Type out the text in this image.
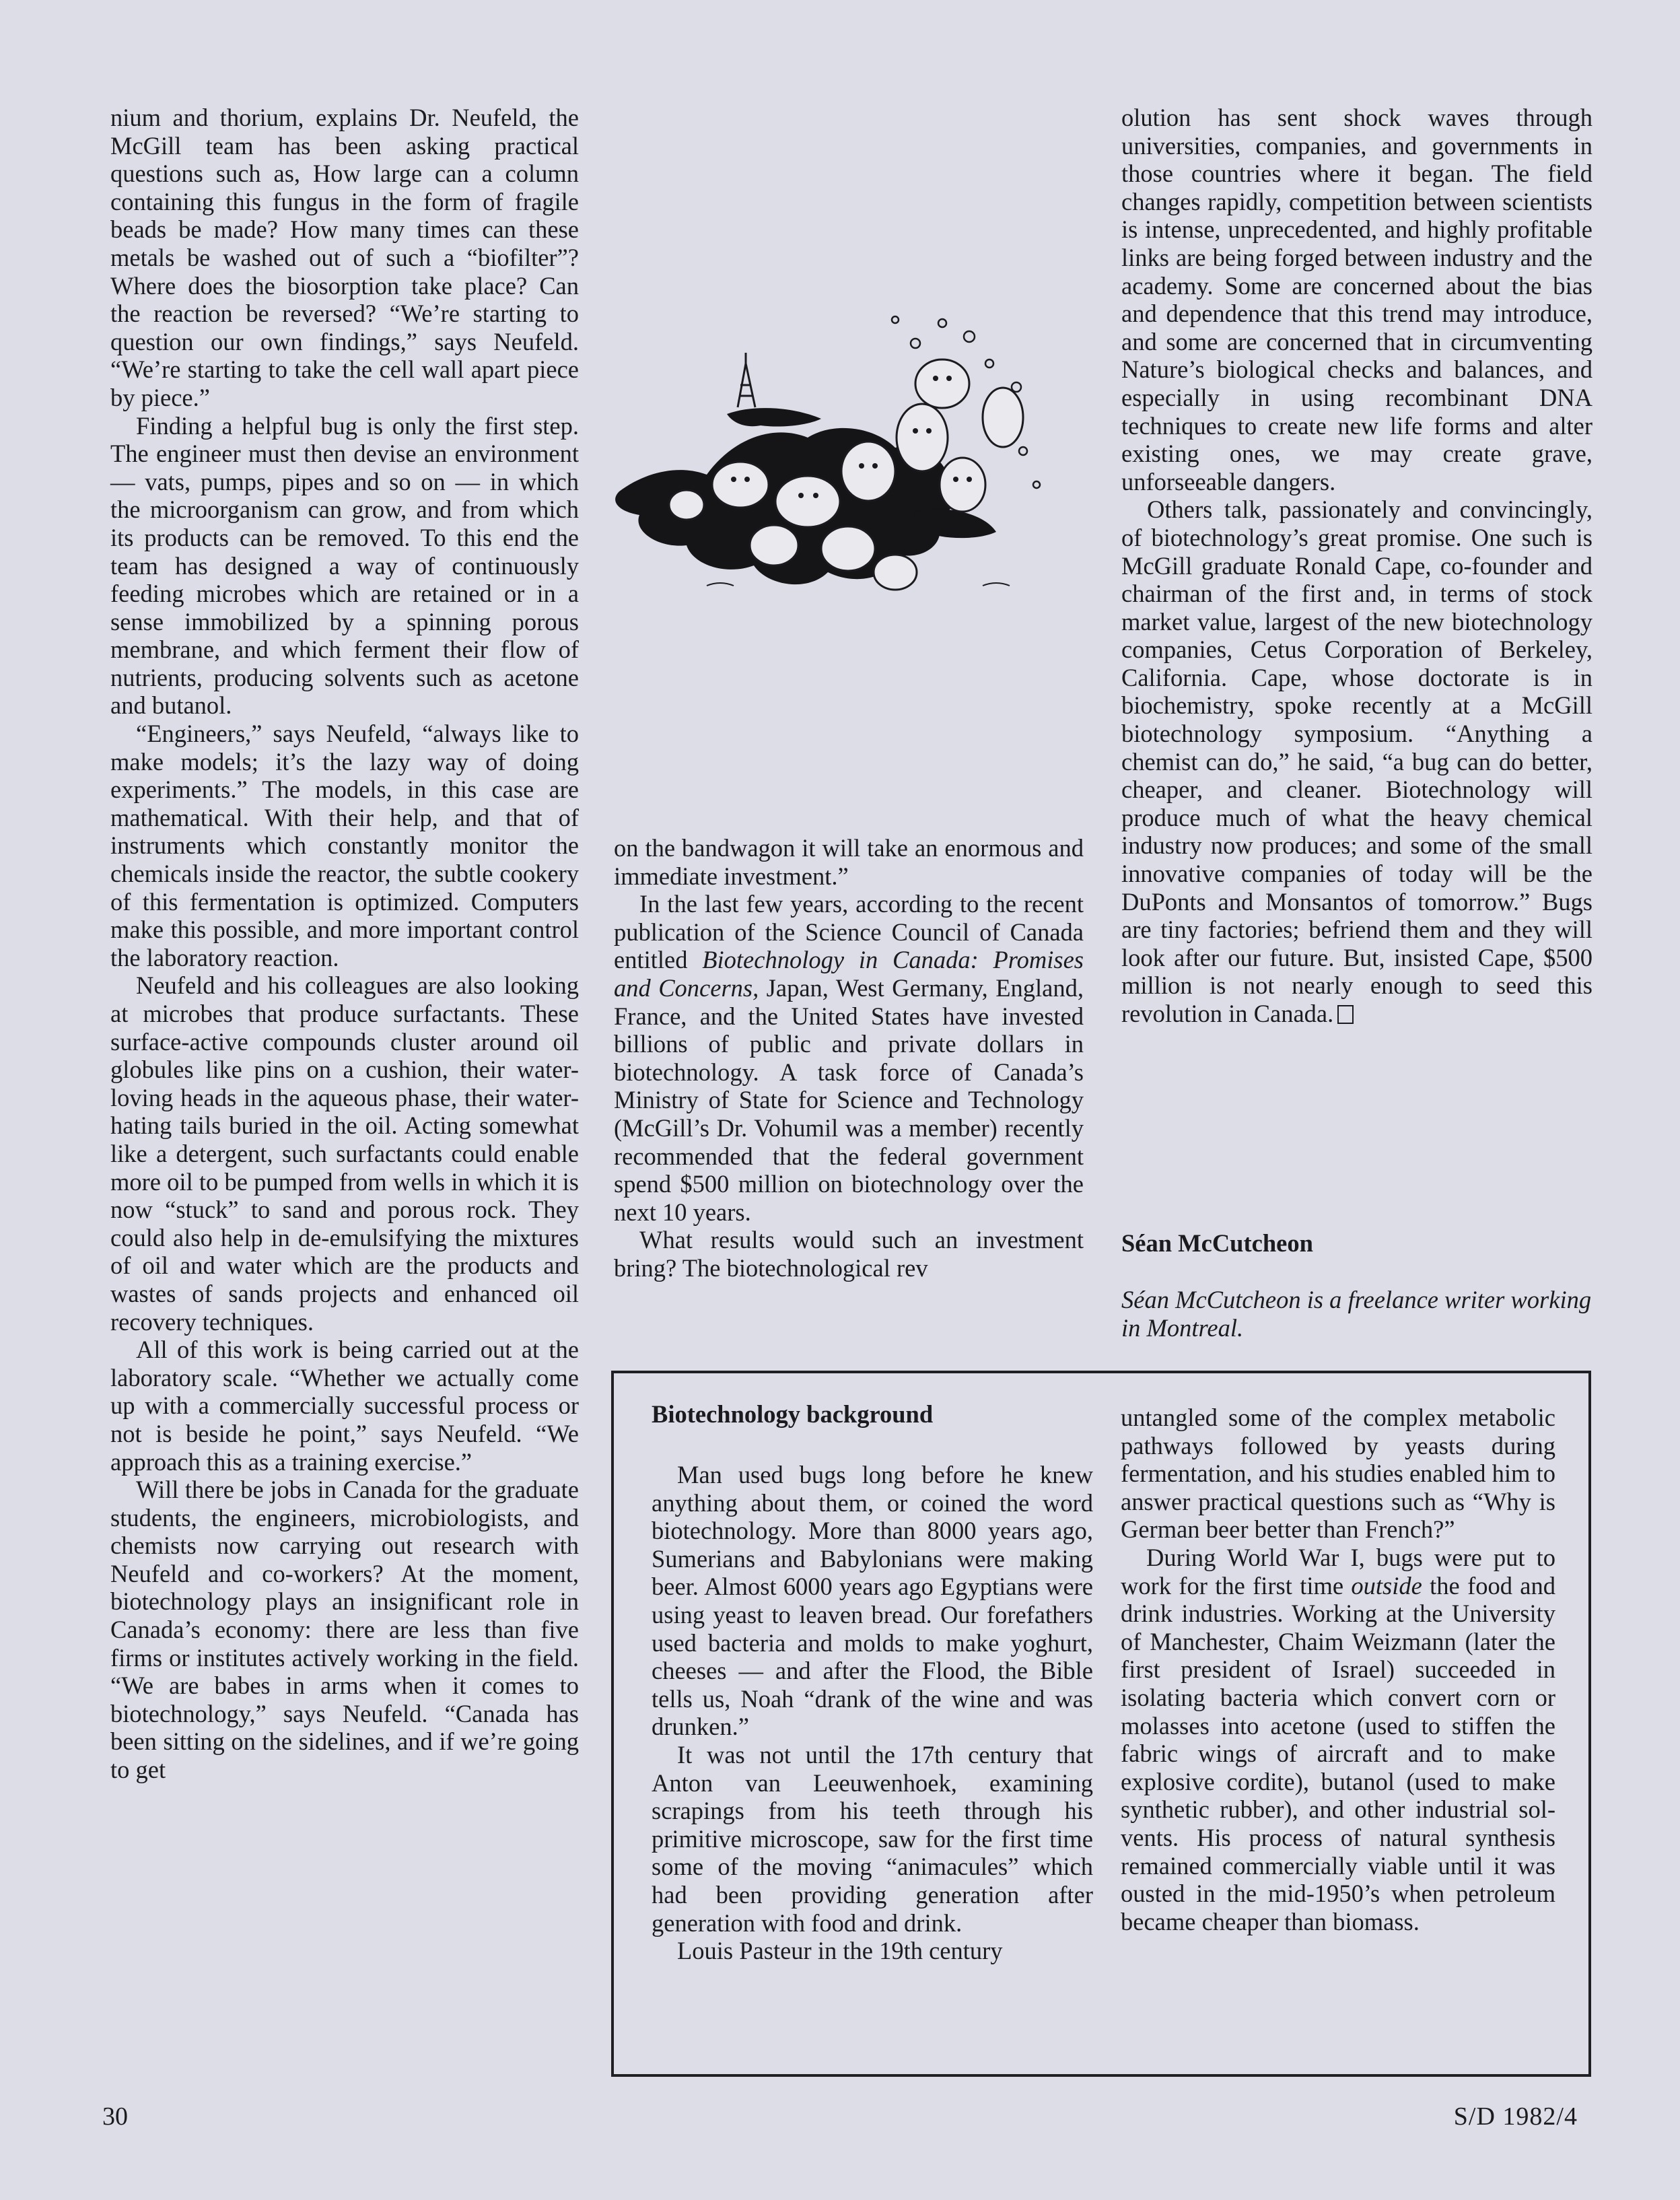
nium and thorium, explains Dr. Neufeld, the McGill team has been asking practical questions such as, How large can a column containing this fungus in the form of fragile beads be made? How many times can these metals be washed out of such a “biofilter”? Where does the biosorption take place? Can the reaction be reversed? “We’re starting to question our own findings,” says Neufeld. “We’re starting to take the cell wall apart piece by piece.”

Finding a helpful bug is only the first step. The engineer must then devise an environment — vats, pumps, pipes and so on — in which the microorganism can grow, and from which its products can be removed. To this end the team has designed a way of continuously feeding microbes which are retained or in a sense immobilized by a spinning porous membrane, and which ferment their flow of nutrients, producing solvents such as acetone and butanol.

“Engineers,” says Neufeld, “always like to make models; it’s the lazy way of doing experiments.” The models, in this case are mathematical. With their help, and that of instruments which constantly monitor the chemicals inside the reactor, the subtle cookery of this fermentation is optimized. Computers make this possible, and more important control the laboratory reaction.

Neufeld and his colleagues are also looking at microbes that produce surfactants. These surface-active compounds cluster around oil globules like pins on a cushion, their water-loving heads in the aqueous phase, their water-hating tails buried in the oil. Acting somewhat like a detergent, such surfactants could enable more oil to be pumped from wells in which it is now “stuck” to sand and porous rock. They could also help in de-emulsifying the mixtures of oil and water which are the products and wastes of sands projects and enhanced oil recovery techniques.

All of this work is being carried out at the laboratory scale. “Whether we actually come up with a commercially successful process or not is beside he point,” says Neufeld. “We approach this as a training exercise.”

Will there be jobs in Canada for the graduate students, the engineers, microbiologists, and chemists now carrying out research with Neufeld and co-workers? At the moment, biotechnology plays an insignificant role in Canada’s economy: there are less than five firms or institutes actively working in the field. “We are babes in arms when it comes to biotechnology,” says Neufeld. “Canada has been sitting on the sidelines, and if we’re going to get

on the bandwagon it will take an enormous and immediate investment.”

In the last few years, according to the recent publication of the Science Council of Canada entitled Biotechnology in Canada: Promises and Concerns, Japan, West Germany, England, France, and the United States have invested billions of public and private dollars in biotechnology. A task force of Canada’s Ministry of State for Science and Technology (McGill’s Dr. Vohumil was a member) recently recommended that the federal government spend $500 million on biotechnology over the next 10 years.

What results would such an investment bring? The biotechnological rev

olution has sent shock waves through universities, companies, and governments in those countries where it began. The field changes rapidly, competition between scientists is intense, unprecedented, and highly profitable links are being forged between industry and the academy. Some are concerned about the bias and dependence that this trend may introduce, and some are concerned that in circumventing Nature’s biological checks and balances, and especially in using recombinant DNA techniques to create new life forms and alter existing ones, we may create grave, unforseeable dangers.

Others talk, passionately and convincingly, of biotechnology’s great promise. One such is McGill graduate Ronald Cape, co-founder and chairman of the first and, in terms of stock market value, largest of the new biotechnology companies, Cetus Corporation of Berkeley, California. Cape, whose doctorate is in biochemistry, spoke recently at a McGill biotechnology symposium. “Anything a chemist can do,” he said, “a bug can do better, cheaper, and cleaner. Biotechnology will produce much of what the heavy chemical industry now produces; and some of the small innovative companies of today will be the DuPonts and Monsantos of tomorrow.” Bugs are tiny factories; befriend them and they will look after our future. But, insisted Cape, $500 million is not nearly enough to seed this revolution in Canada.

Séan McCutcheon

Séan McCutcheon is a freelance writer working in Montreal.

Biotechnology background

Man used bugs long before he knew anything about them, or coined the word biotechnology. More than 8000 years ago, Sumerians and Babylonians were making beer. Almost 6000 years ago Egyptians were using yeast to leaven bread. Our forefathers used bacteria and molds to make yoghurt, cheeses — and after the Flood, the Bible tells us, Noah “drank of the wine and was drunken.”

It was not until the 17th century that Anton van Leeuwenhoek, examining scrapings from his teeth through his primitive microscope, saw for the first time some of the moving “animacules” which had been providing generation after generation with food and drink.

Louis Pasteur in the 19th century

untangled some of the complex metabolic pathways followed by yeasts during fermentation, and his studies enabled him to answer practical questions such as “Why is German beer better than French?”

During World War I, bugs were put to work for the first time outside the food and drink industries. Working at the University of Manchester, Chaim Weizmann (later the first president of Israel) succeeded in isolating bacteria which convert corn or molasses into acetone (used to stiffen the fabric wings of aircraft and to make explosive cordite), butanol (used to make synthetic rubber), and other industrial solvents. His process of natural synthesis remained commercially viable until it was ousted in the mid-1950’s when petroleum became cheaper than biomass.

30	S/D 1982/4
